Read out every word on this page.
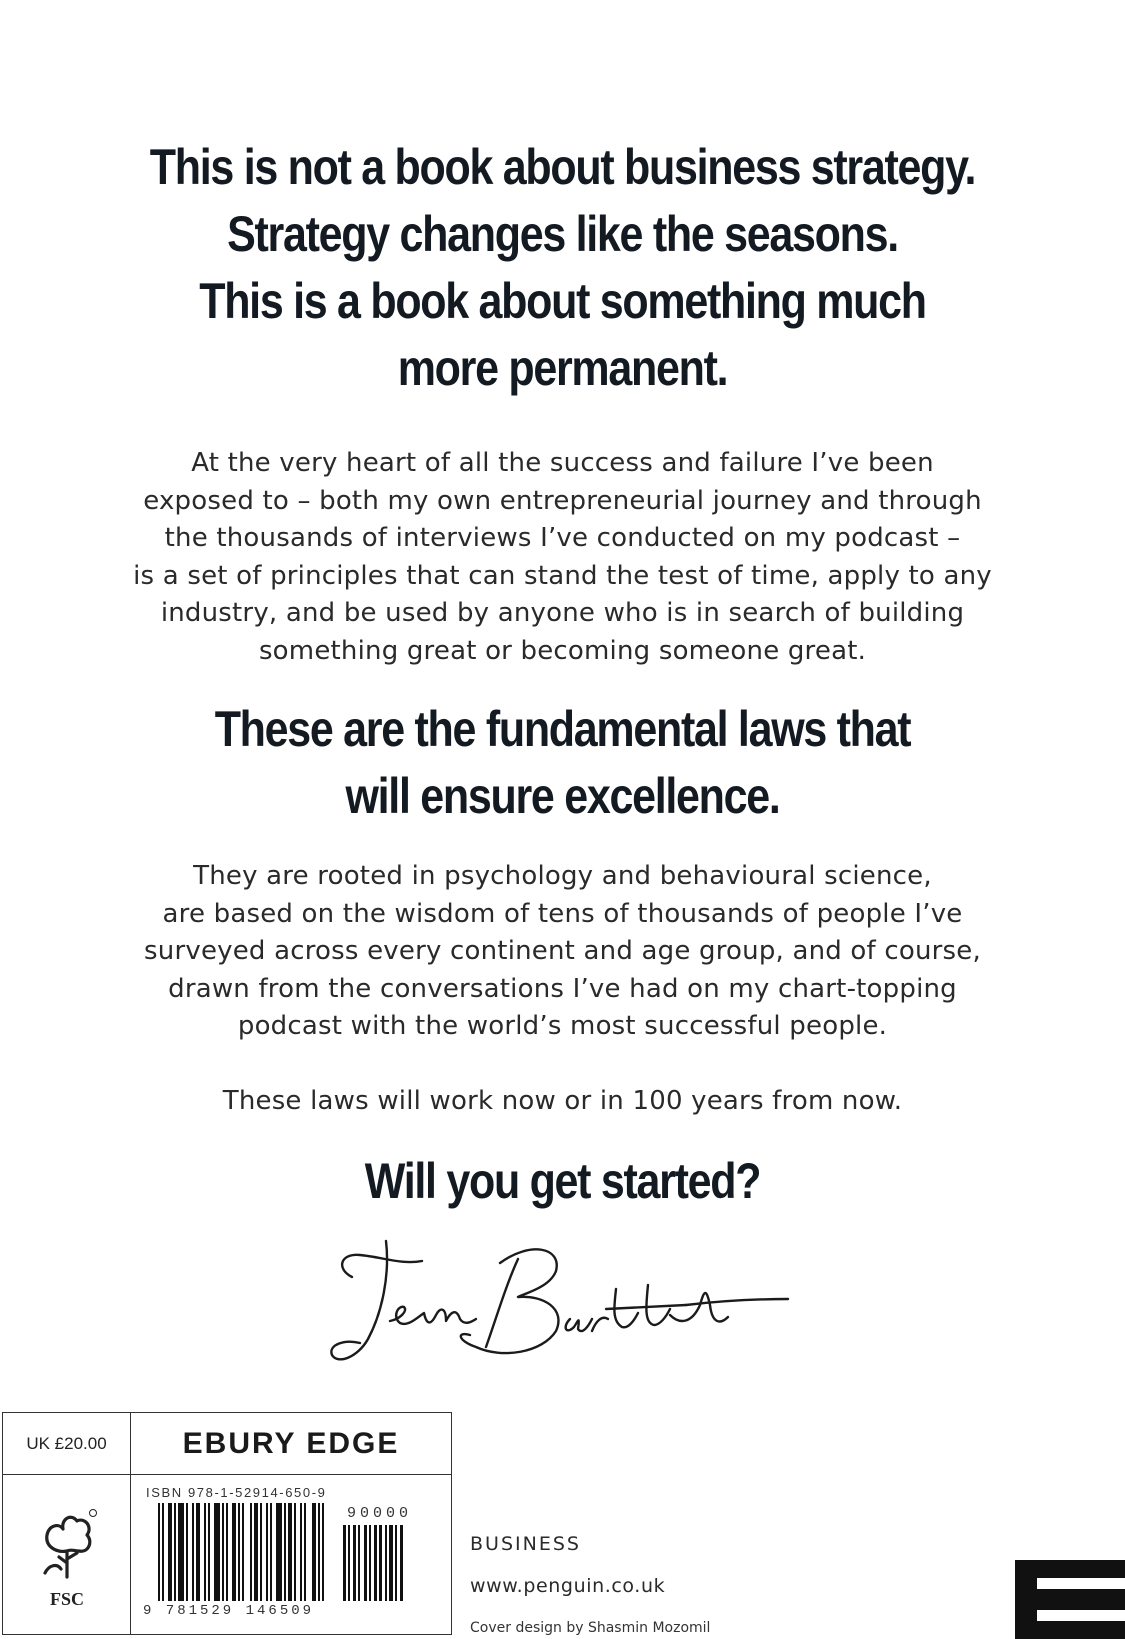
This is not a book about business strategy.
Strategy changes like the seasons.
This is a book about something much
more permanent.
At the very heart of all the success and failure I’ve been
exposed to – both my own entrepreneurial journey and through
the thousands of interviews I’ve conducted on my podcast –
is a set of principles that can stand the test of time, apply to any
industry, and be used by anyone who is in search of building
something great or becoming someone great.
These are the fundamental laws that
will ensure excellence.
They are rooted in psychology and behavioural science,
are based on the wisdom of tens of thousands of people I’ve
surveyed across every continent and age group, and of course,
drawn from the conversations I’ve had on my chart-topping
podcast with the world’s most successful people.
These laws will work now or in 100 years from now.
Will you get started?
UK £20.00	EBURY EDGE
FSC
ISBN 978-1-52914-650-9
90000
9 781529 146509
BUSINESS
www.penguin.co.uk
Cover design by Shasmin Mozomil
